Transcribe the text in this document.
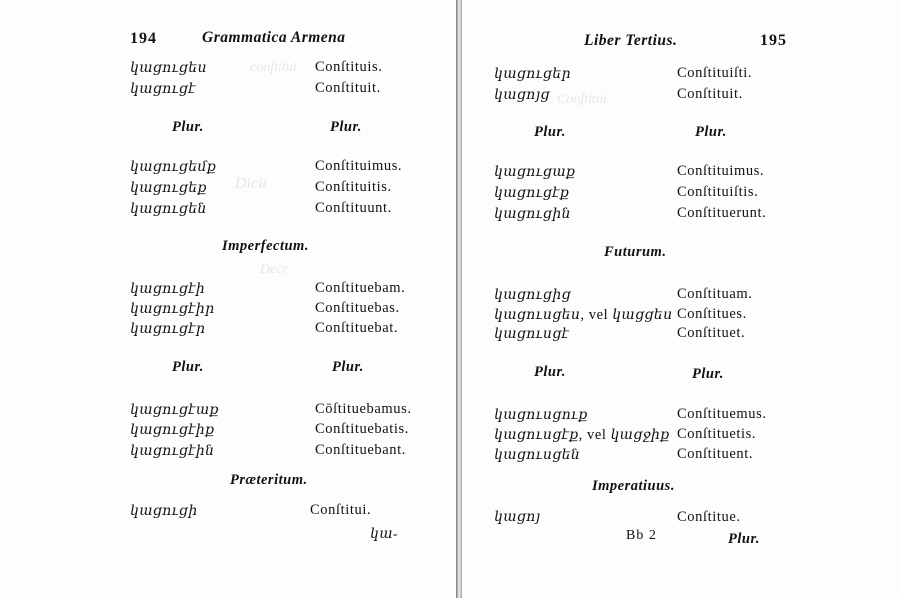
conſtitui
Dicit
Decr
194	Grammatica Armena
կացուցես	Conſtituis.
կացուցէ	Conſtituit.
Plur.	Plur.
կացուցեմք	Conſtituimus.
կացուցեք	Conſtituitis.
կացուցեն	Conſtituunt.
Imperfectum.
կացուցէի	Conſtituebam.
կացուցէիր	Conſtituebas.
կացուցէր	Conſtituebat.
Plur.	Plur.
կացուցէաք	Cōſtituebamus.
կացուցէիք	Conſtituebatis.
կացուցէին	Conſtituebant.
Præteritum.
կացուցի	Conſtitui.
կա-
Conſtitui
Liber Tertius.	195
կացուցեր	Conſtituiſti.
կացոյց	Conſtituit.
Plur.	Plur.
կացուցաք	Conſtituimus.
կացուցէք	Conſtituiſtis.
կացուցին	Conſtituerunt.
Futurum.
կացուցից	Conſtituam.
կացուսցես, vel կացցես Conſtitues.
կացուսցէ	Conſtituet.
Plur.	Plur.
կացուսցուք	Conſtituemus.
կացուսցէք, vel կացջիք Conſtituetis.
կացուսցեն	Conſtituent.
Imperatiuus.
կացոյ	Conſtitue.
Bb 2	Plur.
